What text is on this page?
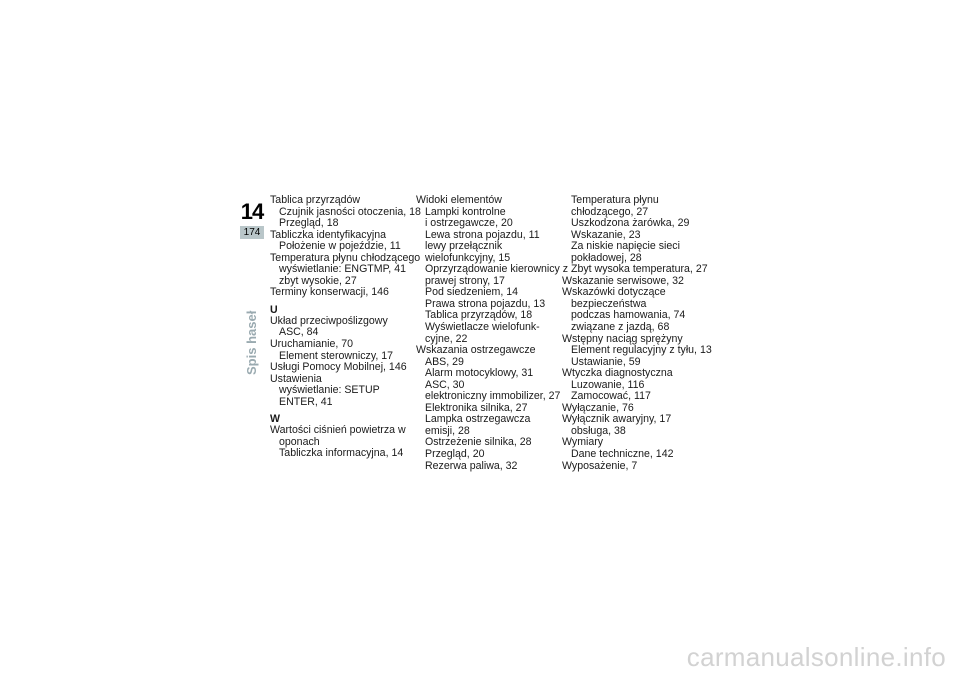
14
174
Spis haseł

Tablica przyrządów

Czujnik jasności otoczenia, 18

Przegląd, 18

Tabliczka identyfikacyjna

Położenie w pojeździe, 11

Temperatura płynu chłodzącego

wyświetlanie: ENGTMP, 41

zbyt wysokie, 27

Terminy konserwacji, 146

U

Układ przeciwpoślizgowy

ASC, 84

Uruchamianie, 70

Element sterowniczy, 17

Usługi Pomocy Mobilnej, 146

Ustawienia

wyświetlanie: SETUP

ENTER, 41

W

Wartości ciśnień powietrza w

oponach

Tabliczka informacyjna, 14

Widoki elementów

Lampki kontrolne

i ostrzegawcze, 20

Lewa strona pojazdu, 11

lewy przełącznik

wielofunkcyjny, 15

Oprzyrządowanie kierownicy z

prawej strony, 17

Pod siedzeniem, 14

Prawa strona pojazdu, 13

Tablica przyrządów, 18

Wyświetlacze wielofunk-

cyjne, 22

Wskazania ostrzegawcze

ABS, 29

Alarm motocyklowy, 31

ASC, 30

elektroniczny immobilizer, 27

Elektronika silnika, 27

Lampka ostrzegawcza

emisji, 28

Ostrzeżenie silnika, 28

Przegląd, 20

Rezerwa paliwa, 32

Temperatura płynu

chłodzącego, 27

Uszkodzona żarówka, 29

Wskazanie, 23

Za niskie napięcie sieci

pokładowej, 28

Zbyt wysoka temperatura, 27

Wskazanie serwisowe, 32

Wskazówki dotyczące

bezpieczeństwa

podczas hamowania, 74

związane z jazdą, 68

Wstępny naciąg sprężyny

Element regulacyjny z tyłu, 13

Ustawianie, 59

Wtyczka diagnostyczna

Luzowanie, 116

Zamocować, 117

Wyłączanie, 76

Wyłącznik awaryjny, 17

obsługa, 38

Wymiary

Dane techniczne, 142

Wyposażenie, 7

carmanualsonline.info
